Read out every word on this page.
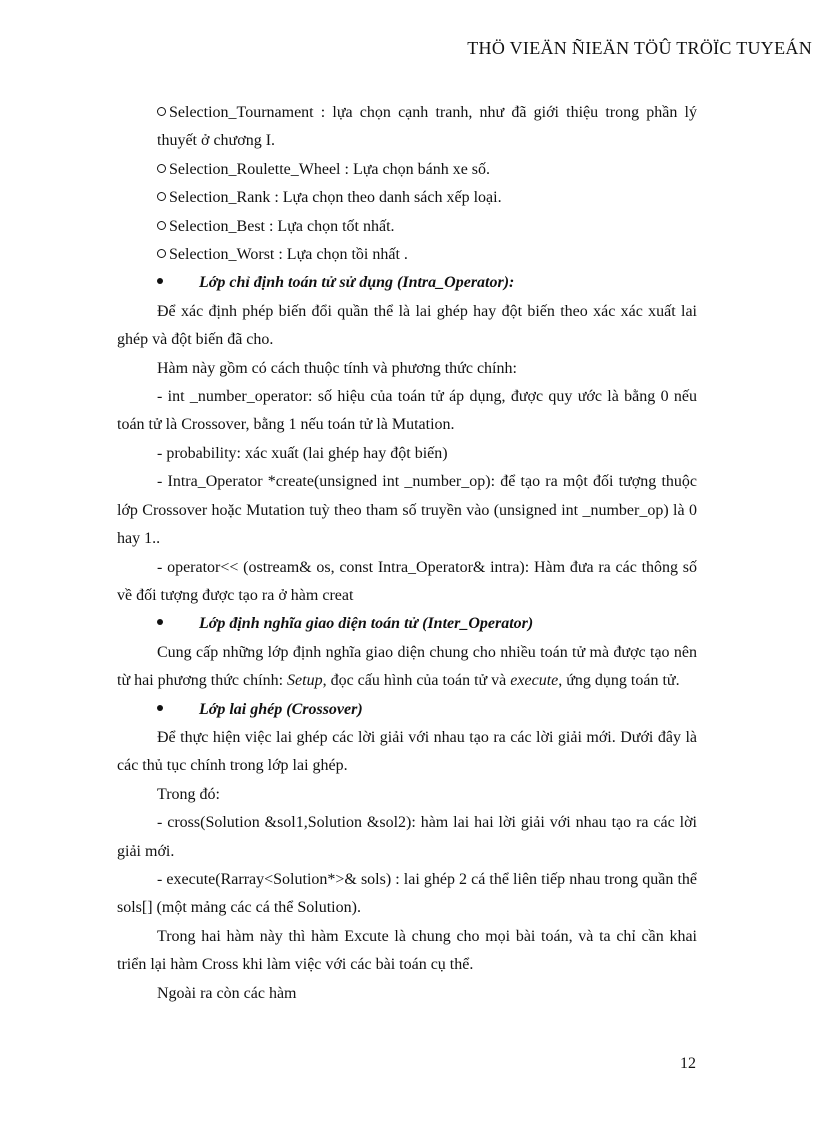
THÖ VIEÄN ÑIEÄN TÖÛ TRÖÏC TUYEÁN

Selection_Tournament : lựa chọn cạnh tranh, như đã giới thiệu trong phần lý thuyết ở chương I.

Selection_Roulette_Wheel : Lựa chọn bánh xe số.

Selection_Rank : Lựa chọn theo danh sách xếp loại.

Selection_Best : Lựa chọn tốt nhất.

Selection_Worst : Lựa chọn tồi nhất .

Lớp chỉ định toán tử sử dụng (Intra_Operator):

Để xác định phép biến đổi quần thể là lai ghép hay đột biến theo xác xác xuất lai ghép và đột biến đã cho.

Hàm này gồm có cách thuộc tính và phương thức chính:

- int _number_operator: số hiệu của toán tử áp dụng, được quy ước là bằng 0 nếu toán tử là Crossover, bằng 1 nếu toán tử là Mutation.

- probability: xác xuất (lai ghép hay đột biến)

- Intra_Operator *create(unsigned int _number_op): để tạo ra một đối tượng thuộc lớp Crossover hoặc Mutation tuỳ theo tham số truyền vào (unsigned int _number_op) là 0 hay 1..

- operator<< (ostream& os, const Intra_Operator& intra): Hàm đưa ra các thông số về đối tượng được tạo ra ở hàm creat

Lớp định nghĩa giao diện toán tử (Inter_Operator)

Cung cấp những lớp định nghĩa giao diện chung cho nhiều toán tử mà được tạo nên từ hai phương thức chính: Setup, đọc cấu hình của toán tử và execute, ứng dụng toán tử.

Lớp lai ghép (Crossover)

Để thực hiện việc lai ghép các lời giải với nhau tạo ra các lời giải mới. Dưới đây là các thủ tục chính trong lớp lai ghép.

Trong đó:

- cross(Solution &sol1,Solution &sol2): hàm lai hai lời giải với nhau tạo ra các lời giải mới.

- execute(Rarray<Solution*>& sols) : lai ghép 2 cá thể liên tiếp nhau trong quần thể sols[] (một mảng các cá thể Solution).

Trong hai hàm này thì hàm Excute là chung cho mọi bài toán, và ta chỉ cần khai triển lại hàm Cross khi làm việc với các bài toán cụ thể.

Ngoài ra còn các hàm

12
